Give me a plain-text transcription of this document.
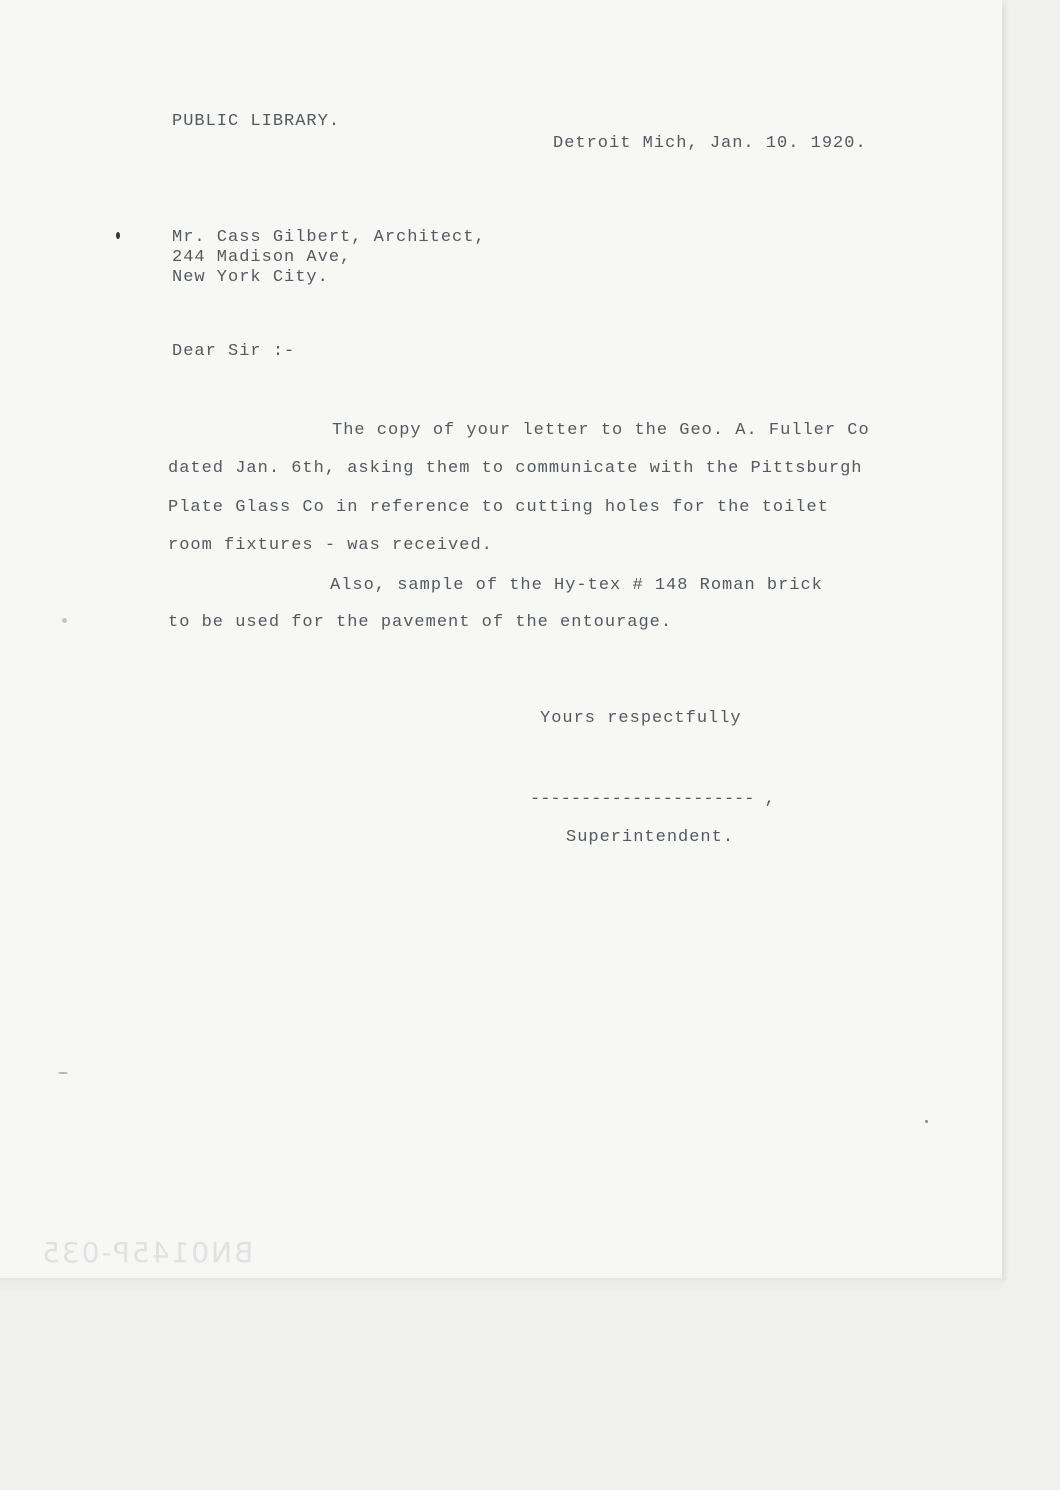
PUBLIC LIBRARY.
Detroit Mich, Jan. 10. 1920.
Mr. Cass Gilbert, Architect,
244 Madison Ave,
New York City.
Dear Sir :-
The copy of your letter to the Geo. A. Fuller Co
dated Jan. 6th, asking them to communicate with the Pittsburgh
Plate Glass Co in reference to cutting holes for the toilet
room fixtures - was received.
Also, sample of the Hy-tex # 148 Roman brick
to be used for the pavement of the entourage.
Yours respectfully
---------------------- ,
Superintendent.
BN0145P-035
